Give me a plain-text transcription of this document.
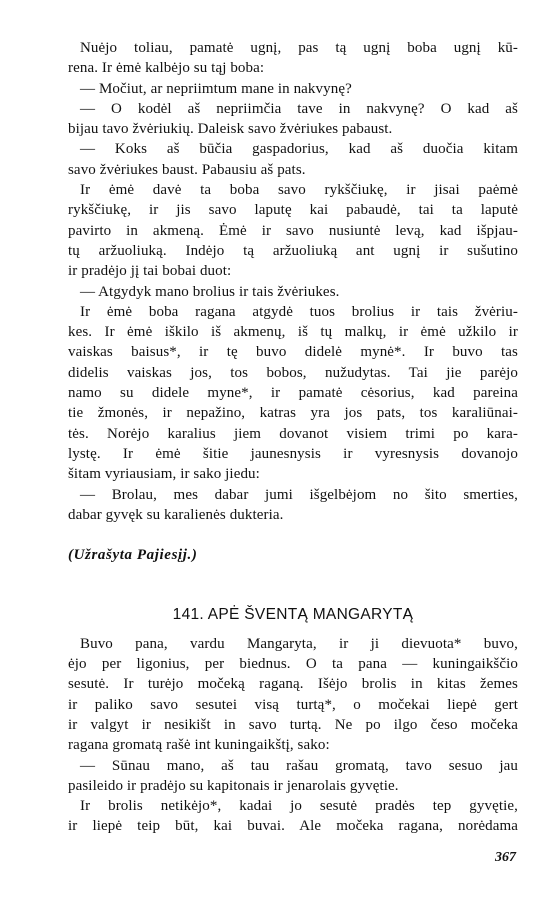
Nuėjo toliau, pamatė ugnį, pas tą ugnį boba ugnį kū-
rena. Ir ėmė kalbėjo su tąj boba:
— Močiut, ar nepriimtum mane in nakvynę?
— O kodėl aš nepriimčia tave in nakvynę? O kad aš
bijau tavo žvėriukių. Daleisk savo žvėriukes pabaust.
— Koks aš būčia gaspadorius, kad aš duočia kitam
savo žvėriukes baust. Pabausiu aš pats.
Ir ėmė davė ta boba savo rykščiukę, ir jisai paėmė
rykščiukę, ir jis savo laputę kai pabaudė, tai ta laputė
pavirto in akmeną. Ėmė ir savo nusiuntė levą, kad išpjau-
tų aržuoliuką. Indėjo tą aržuoliuką ant ugnį ir sušutino
ir pradėjo jį tai bobai duot:
— Atgydyk mano brolius ir tais žvėriukes.
Ir ėmė boba ragana atgydė tuos brolius ir tais žvėriu-
kes. Ir ėmė iškilo iš akmenų, iš tų malkų, ir ėmė užkilo ir
vaiskas baisus*, ir tę buvo didelė mynė*. Ir buvo tas
didelis vaiskas jos, tos bobos, nužudytas. Tai jie parėjo
namo su didele myne*, ir pamatė cėsorius, kad pareina
tie žmonės, ir nepažino, katras yra jos pats, tos karaliūnai-
tės. Norėjo karalius jiem dovanot visiem trimi po kara-
lystę. Ir ėmė šitie jaunesnysis ir vyresnysis dovanojo
šitam vyriausiam, ir sako jiedu:
— Brolau, mes dabar jumi išgelbėjom no šito smerties,
dabar gyvęk su karalienės dukteria.
(Užrašyta Pajiesįj.)
141. APĖ ŠVENTĄ MANGARYTĄ
Buvo pana, vardu Mangaryta, ir ji dievuota* buvo,
ėjo per ligonius, per biednus. O ta pana — kuningaikščio
sesutė. Ir turėjo močeką raganą. Išėjo brolis in kitas žemes
ir paliko savo sesutei visą turtą*, o močekai liepė gert
ir valgyt ir nesikišt in savo turtą. Ne po ilgo česo močeka
ragana gromatą rašė int kuningaikštį, sako:
— Sūnau mano, aš tau rašau gromatą, tavo sesuo jau
pasileido ir pradėjo su kapitonais ir jenarolais gyvętie.
Ir brolis netikėjo*, kadai jo sesutė pradės tep gyvętie,
ir liepė teip būt, kai buvai. Ale močeka ragana, norėdama
367
